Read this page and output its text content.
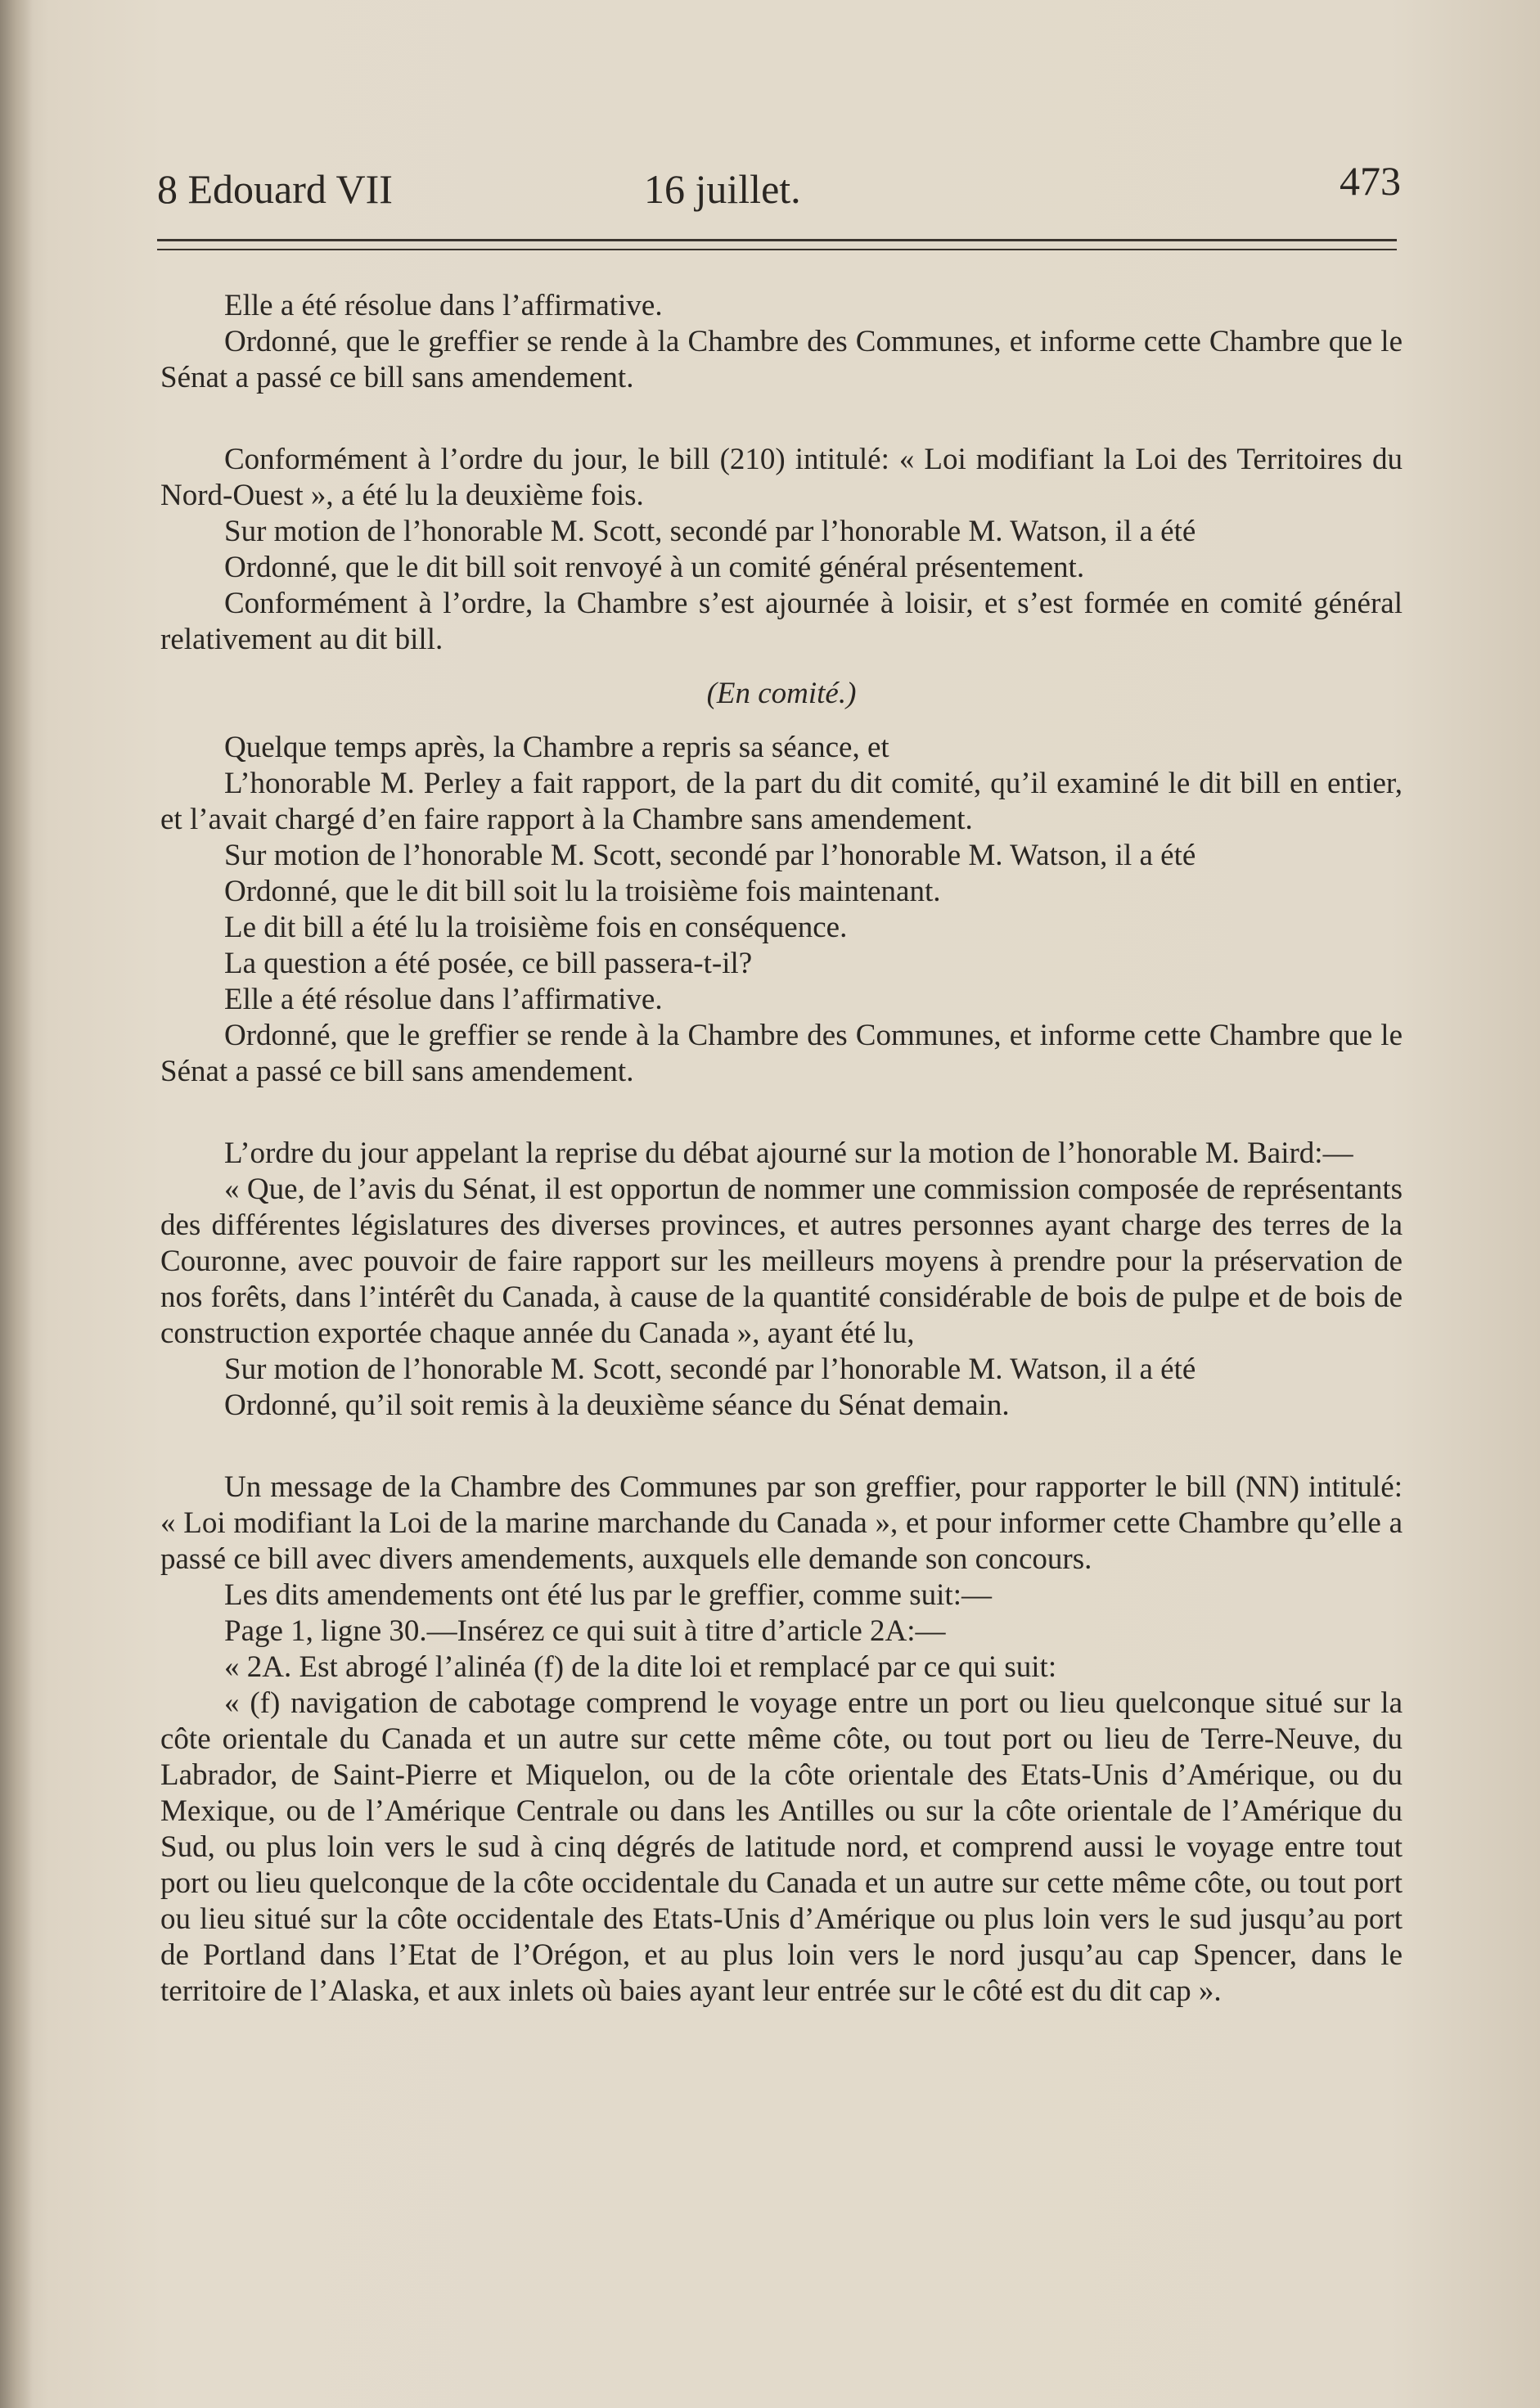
8 Edouard VII	16 juillet.	473

Elle a été résolue dans l’affirmative.

Ordonné, que le greffier se rende à la Chambre des Communes, et informe cette Chambre que le Sénat a passé ce bill sans amendement.

Conformément à l’ordre du jour, le bill (210) intitulé: « Loi modifiant la Loi des Territoires du Nord-Ouest », a été lu la deuxième fois.

Sur motion de l’honorable M. Scott, secondé par l’honorable M. Watson, il a été

Ordonné, que le dit bill soit renvoyé à un comité général présentement.

Conformément à l’ordre, la Chambre s’est ajournée à loisir, et s’est formée en comité général relativement au dit bill.

(En comité.)

Quelque temps après, la Chambre a repris sa séance, et

L’honorable M. Perley a fait rapport, de la part du dit comité, qu’il examiné le dit bill en entier, et l’avait chargé d’en faire rapport à la Chambre sans amendement.

Sur motion de l’honorable M. Scott, secondé par l’honorable M. Watson, il a été

Ordonné, que le dit bill soit lu la troisième fois maintenant.

Le dit bill a été lu la troisième fois en conséquence.

La question a été posée, ce bill passera-t-il?

Elle a été résolue dans l’affirmative.

Ordonné, que le greffier se rende à la Chambre des Communes, et informe cette Chambre que le Sénat a passé ce bill sans amendement.

L’ordre du jour appelant la reprise du débat ajourné sur la motion de l’honorable M. Baird:—

« Que, de l’avis du Sénat, il est opportun de nommer une commission composée de représentants des différentes législatures des diverses provinces, et autres personnes ayant charge des terres de la Couronne, avec pouvoir de faire rapport sur les meilleurs moyens à prendre pour la préservation de nos forêts, dans l’intérêt du Canada, à cause de la quantité considérable de bois de pulpe et de bois de construction exportée chaque année du Canada », ayant été lu,

Sur motion de l’honorable M. Scott, secondé par l’honorable M. Watson, il a été

Ordonné, qu’il soit remis à la deuxième séance du Sénat demain.

Un message de la Chambre des Communes par son greffier, pour rapporter le bill (NN) intitulé: « Loi modifiant la Loi de la marine marchande du Canada », et pour informer cette Chambre qu’elle a passé ce bill avec divers amendements, auxquels elle demande son concours.

Les dits amendements ont été lus par le greffier, comme suit:—

Page 1, ligne 30.—Insérez ce qui suit à titre d’article 2A:—

« 2A. Est abrogé l’alinéa (f) de la dite loi et remplacé par ce qui suit:

« (f) navigation de cabotage comprend le voyage entre un port ou lieu quelconque situé sur la côte orientale du Canada et un autre sur cette même côte, ou tout port ou lieu de Terre-Neuve, du Labrador, de Saint-Pierre et Miquelon, ou de la côte orientale des Etats-Unis d’Amérique, ou du Mexique, ou de l’Amérique Centrale ou dans les Antilles ou sur la côte orientale de l’Amérique du Sud, ou plus loin vers le sud à cinq dégrés de latitude nord, et comprend aussi le voyage entre tout port ou lieu quelconque de la côte occidentale du Canada et un autre sur cette même côte, ou tout port ou lieu situé sur la côte occidentale des Etats-Unis d’Amérique ou plus loin vers le sud jusqu’au port de Portland dans l’Etat de l’Orégon, et au plus loin vers le nord jusqu’au cap Spencer, dans le territoire de l’Alaska, et aux inlets où baies ayant leur entrée sur le côté est du dit cap ».
